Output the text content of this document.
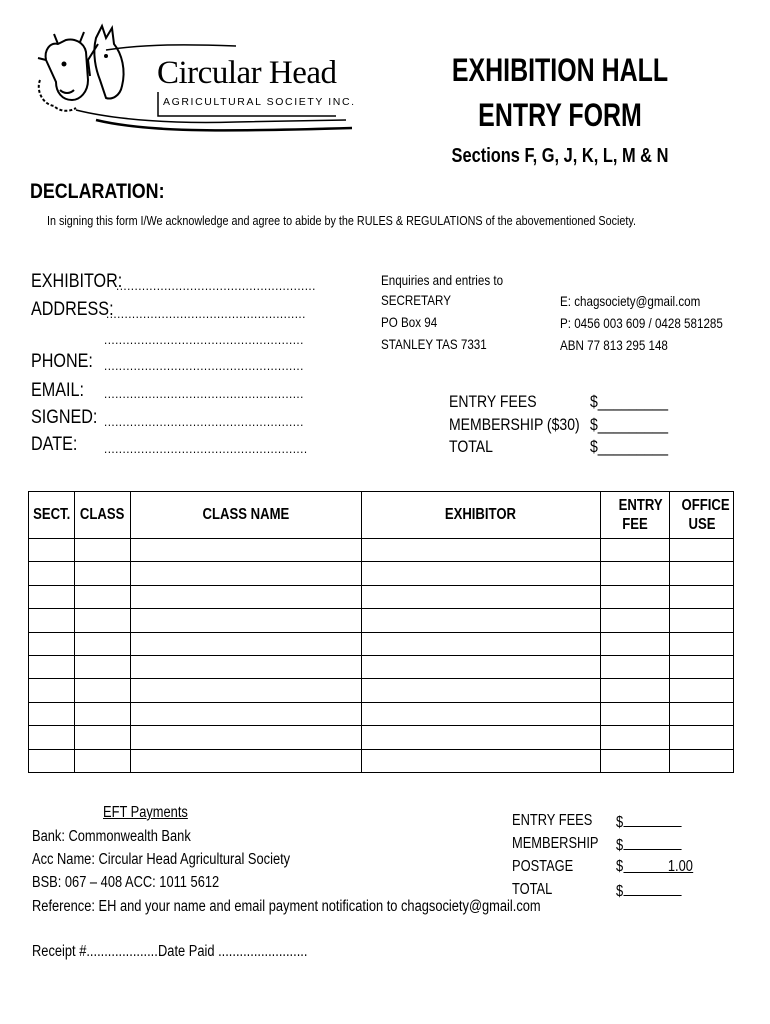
Circular Head
AGRICULTURAL SOCIETY INC.
EXHIBITION HALL
ENTRY FORM
Sections F, G, J, K, L, M & N
DECLARATION:
In signing this form I/We acknowledge and agree to abide by the RULES & REGULATIONS of the abovementioned Society.
EXHIBITOR:
......................................................
ADDRESS:
......................................................
......................................................
PHONE: ......................................................
EMAIL: ......................................................
SIGNED: ......................................................
DATE: .......................................................
Enquiries and entries to
SECRETARY
PO Box 94
STANLEY TAS 7331
E: chagsociety@gmail.com
P: 0456 003 609 / 0428 581285
ABN 77 813 295 148
ENTRY FEES	$_________
MEMBERSHIP ($30) $_________
TOTAL	$_________
SECT.	CLASS	CLASS NAME	EXHIBITOR	ENTRY FEE	OFFICE USE

EFT Payments
Bank: Commonwealth Bank
Acc Name: Circular Head Agricultural Society
BSB: 067 – 408 ACC: 1011 5612
Reference: EH and your name and email payment notification to chagsociety@gmail.com
ENTRY FEES $
MEMBERSHIP $
POSTAGE	$	1.00
TOTAL	$
Receipt #.....................
Date Paid .........................
